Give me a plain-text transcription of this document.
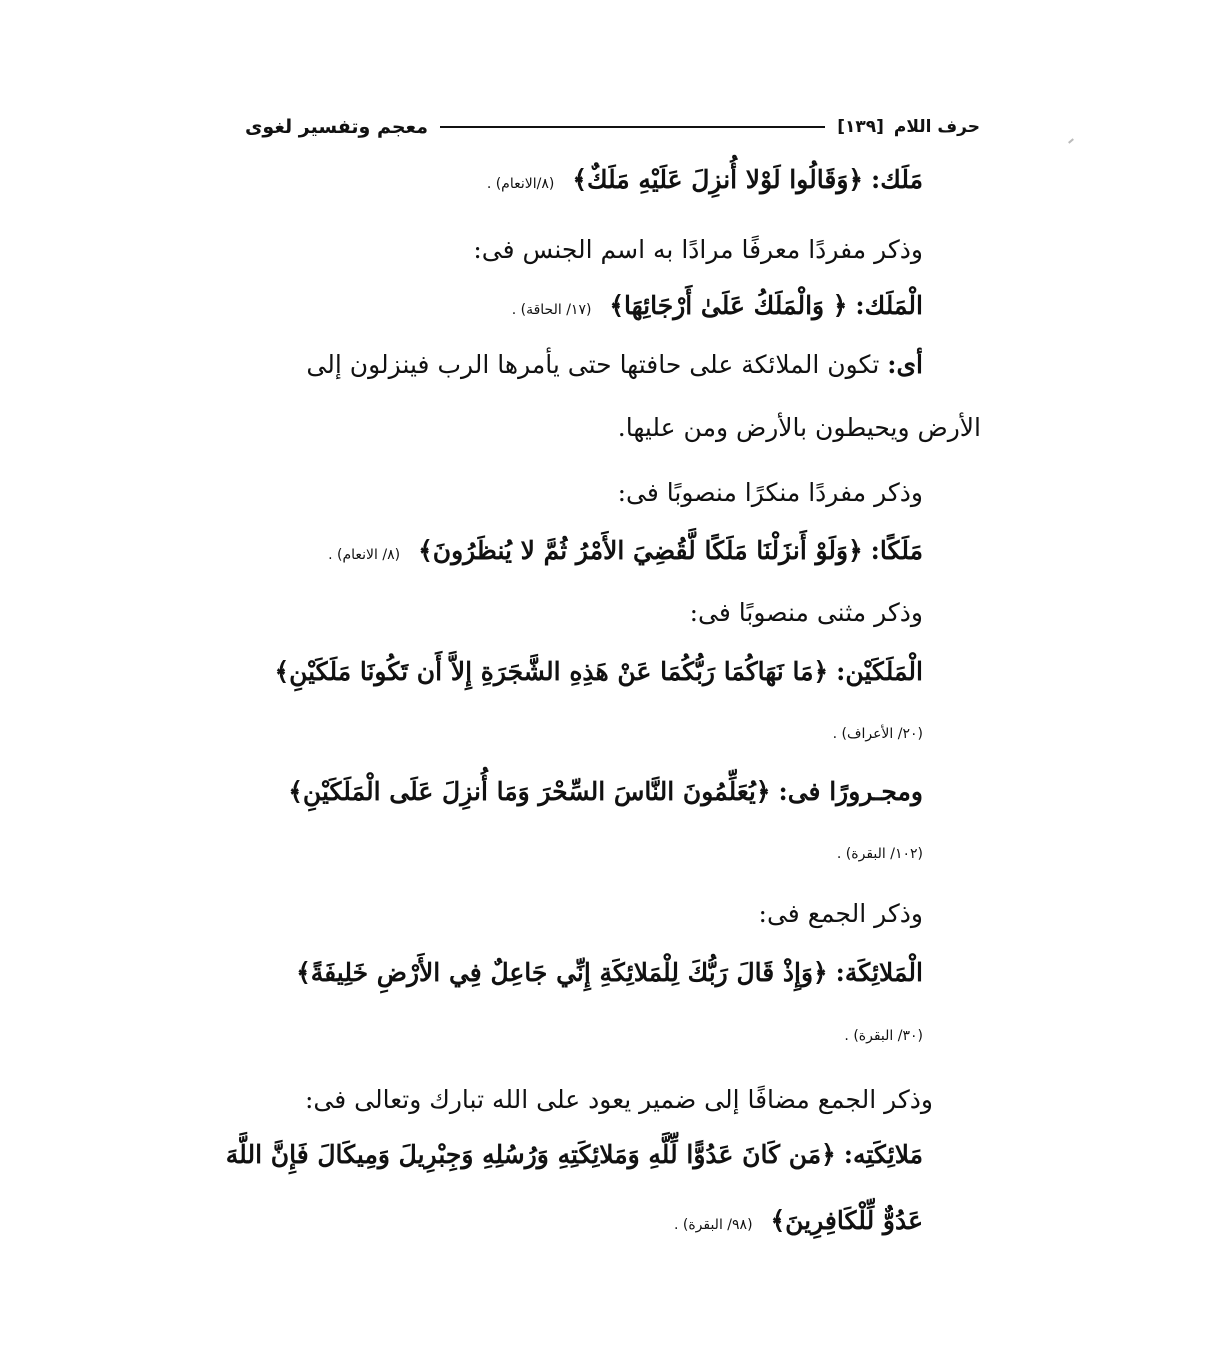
معجم وتفسير لغوى	حرف اللام
[١٣٩]
مَلَك: ﴿وَقَالُوا لَوْلا أُنزِلَ عَلَيْهِ مَلَكٌ﴾ (٨/الانعام) .
وذكر مفردًا معرفًا مرادًا به اسم الجنس فى:
الْمَلَك: ﴿ وَالْمَلَكُ عَلَىٰ أَرْجَائِهَا﴾ (١٧/ الحاقة) .
أى: تكون الملائكة على حافتها حتى يأمرها الرب فينزلون إلى
الأرض ويحيطون بالأرض ومن عليها.
وذكر مفردًا منكرًا منصوبًا فى:
مَلَكًا: ﴿وَلَوْ أَنزَلْنَا مَلَكًا لَّقُضِيَ الأَمْرُ ثُمَّ لا يُنظَرُونَ﴾ (٨/ الانعام) .
وذكر مثنى منصوبًا فى:
الْمَلَكَيْن: ﴿مَا نَهَاكُمَا رَبُّكُمَا عَنْ هَذِهِ الشَّجَرَةِ إِلاَّ أَن تَكُونَا مَلَكَيْنِ﴾
(٢٠/ الأعراف) .
ومجـرورًا فى: ﴿يُعَلِّمُونَ النَّاسَ السِّحْرَ وَمَا أُنزِلَ عَلَى الْمَلَكَيْنِ﴾
(١٠٢/ البقرة) .
وذكر الجمع فى:
الْمَلائِكَة: ﴿وَإِذْ قَالَ رَبُّكَ لِلْمَلائِكَةِ إِنِّي جَاعِلٌ فِي الأَرْضِ خَلِيفَةً﴾
(٣٠/ البقرة) .
وذكر الجمع مضافًا إلى ضمير يعود على الله تبارك وتعالى فى:
مَلائِكَتِه: ﴿مَن كَانَ عَدُوًّا لِّلَّهِ وَمَلائِكَتِهِ وَرُسُلِهِ وَجِبْرِيلَ وَمِيكَالَ فَإِنَّ اللَّهَ
عَدُوٌّ لِّلْكَافِرِينَ﴾ (٩٨/ البقرة) .
